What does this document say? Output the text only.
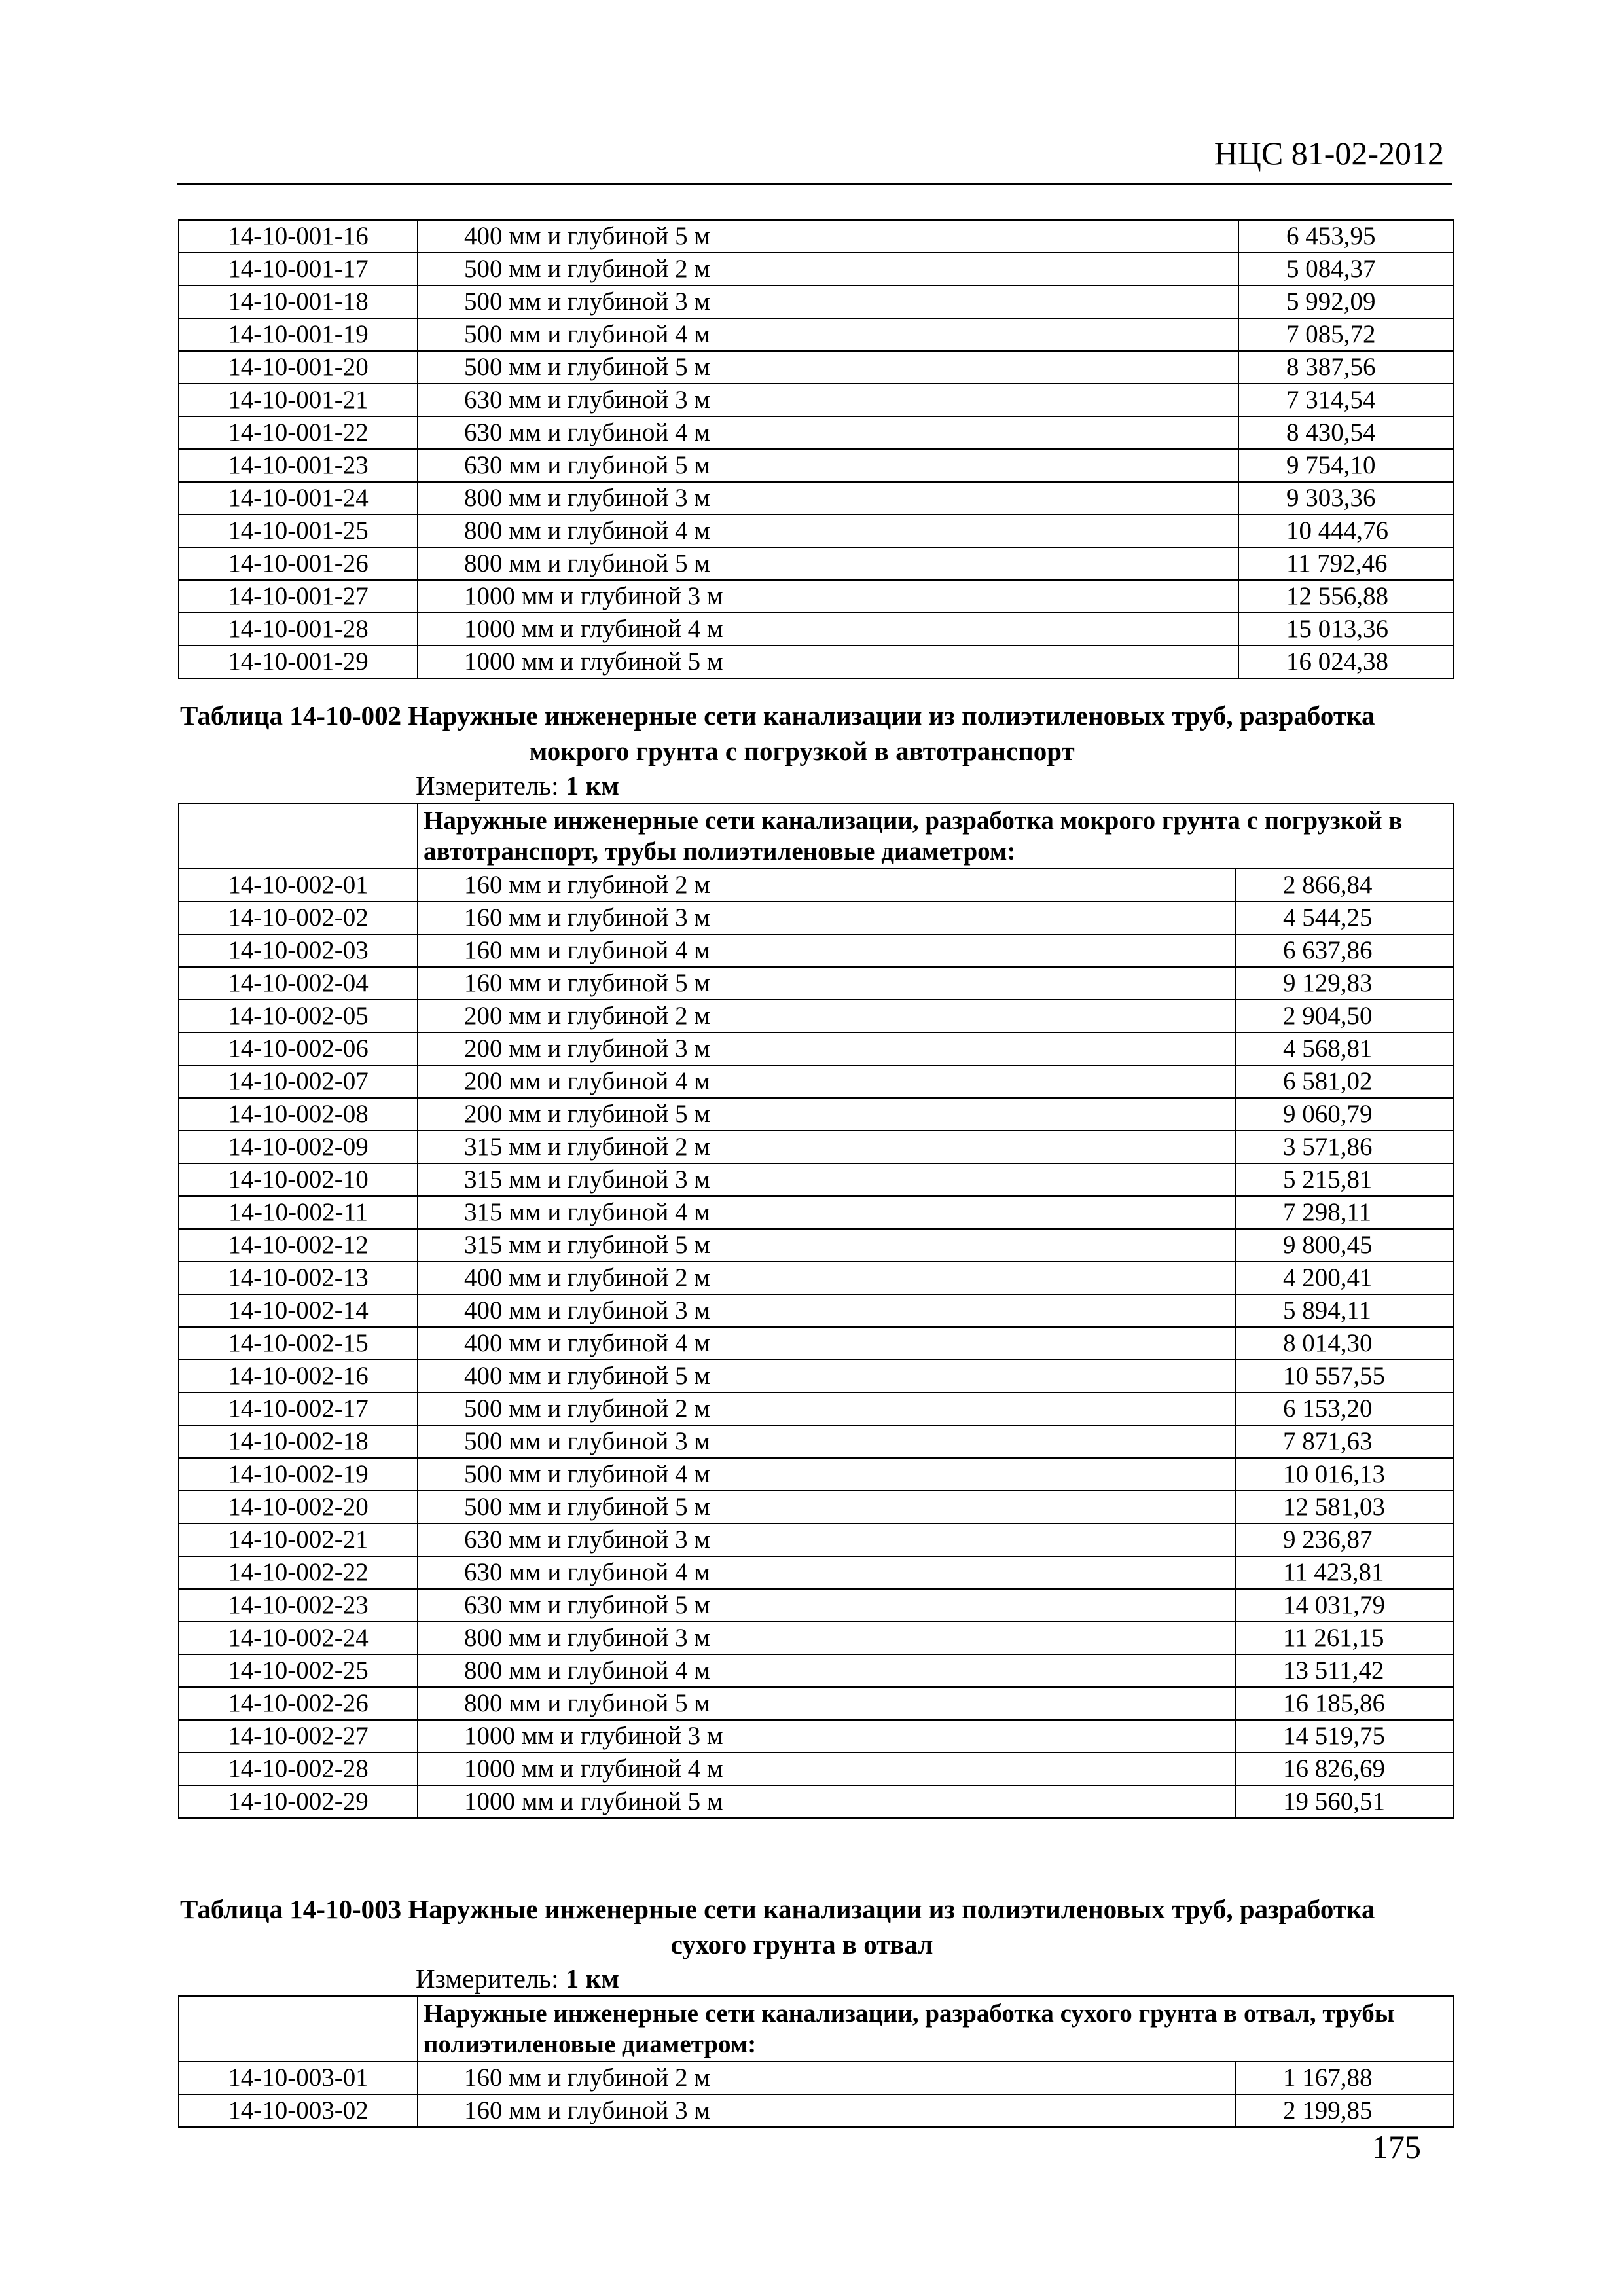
НЦС 81-02-2012
14-10-001-16	400 мм и глубиной 5 м	6 453,95
14-10-001-17	500 мм и глубиной 2 м	5 084,37
14-10-001-18	500 мм и глубиной 3 м	5 992,09
14-10-001-19	500 мм и глубиной 4 м	7 085,72
14-10-001-20	500 мм и глубиной 5 м	8 387,56
14-10-001-21	630 мм и глубиной 3 м	7 314,54
14-10-001-22	630 мм и глубиной 4 м	8 430,54
14-10-001-23	630 мм и глубиной 5 м	9 754,10
14-10-001-24	800 мм и глубиной 3 м	9 303,36
14-10-001-25	800 мм и глубиной 4 м	10 444,76
14-10-001-26	800 мм и глубиной 5 м	11 792,46
14-10-001-27	1000 мм и глубиной 3 м	12 556,88
14-10-001-28	1000 мм и глубиной 4 м	15 013,36
14-10-001-29	1000 мм и глубиной 5 м	16 024,38
Таблица 14-10-002 Наружные инженерные сети канализации из полиэтиленовых труб, разработка
мокрого грунта с погрузкой в автотранспорт
Измеритель: 1 км
	Наружные инженерные сети канализации, разработка мокрого грунта с погрузкой в автотранспорт, трубы полиэтиленовые диаметром:	
14-10-002-01	160 мм и глубиной 2 м	2 866,84
14-10-002-02	160 мм и глубиной 3 м	4 544,25
14-10-002-03	160 мм и глубиной 4 м	6 637,86
14-10-002-04	160 мм и глубиной 5 м	9 129,83
14-10-002-05	200 мм и глубиной 2 м	2 904,50
14-10-002-06	200 мм и глубиной 3 м	4 568,81
14-10-002-07	200 мм и глубиной 4 м	6 581,02
14-10-002-08	200 мм и глубиной 5 м	9 060,79
14-10-002-09	315 мм и глубиной 2 м	3 571,86
14-10-002-10	315 мм и глубиной 3 м	5 215,81
14-10-002-11	315 мм и глубиной 4 м	7 298,11
14-10-002-12	315 мм и глубиной 5 м	9 800,45
14-10-002-13	400 мм и глубиной 2 м	4 200,41
14-10-002-14	400 мм и глубиной 3 м	5 894,11
14-10-002-15	400 мм и глубиной 4 м	8 014,30
14-10-002-16	400 мм и глубиной 5 м	10 557,55
14-10-002-17	500 мм и глубиной 2 м	6 153,20
14-10-002-18	500 мм и глубиной 3 м	7 871,63
14-10-002-19	500 мм и глубиной 4 м	10 016,13
14-10-002-20	500 мм и глубиной 5 м	12 581,03
14-10-002-21	630 мм и глубиной 3 м	9 236,87
14-10-002-22	630 мм и глубиной 4 м	11 423,81
14-10-002-23	630 мм и глубиной 5 м	14 031,79
14-10-002-24	800 мм и глубиной 3 м	11 261,15
14-10-002-25	800 мм и глубиной 4 м	13 511,42
14-10-002-26	800 мм и глубиной 5 м	16 185,86
14-10-002-27	1000 мм и глубиной 3 м	14 519,75
14-10-002-28	1000 мм и глубиной 4 м	16 826,69
14-10-002-29	1000 мм и глубиной 5 м	19 560,51
Таблица 14-10-003 Наружные инженерные сети канализации из полиэтиленовых труб, разработка
сухого грунта в отвал
Измеритель: 1 км
	Наружные инженерные сети канализации, разработка сухого грунта в отвал, трубы полиэтиленовые диаметром:	
14-10-003-01	160 мм и глубиной 2 м	1 167,88
14-10-003-02	160 мм и глубиной 3 м	2 199,85
175
